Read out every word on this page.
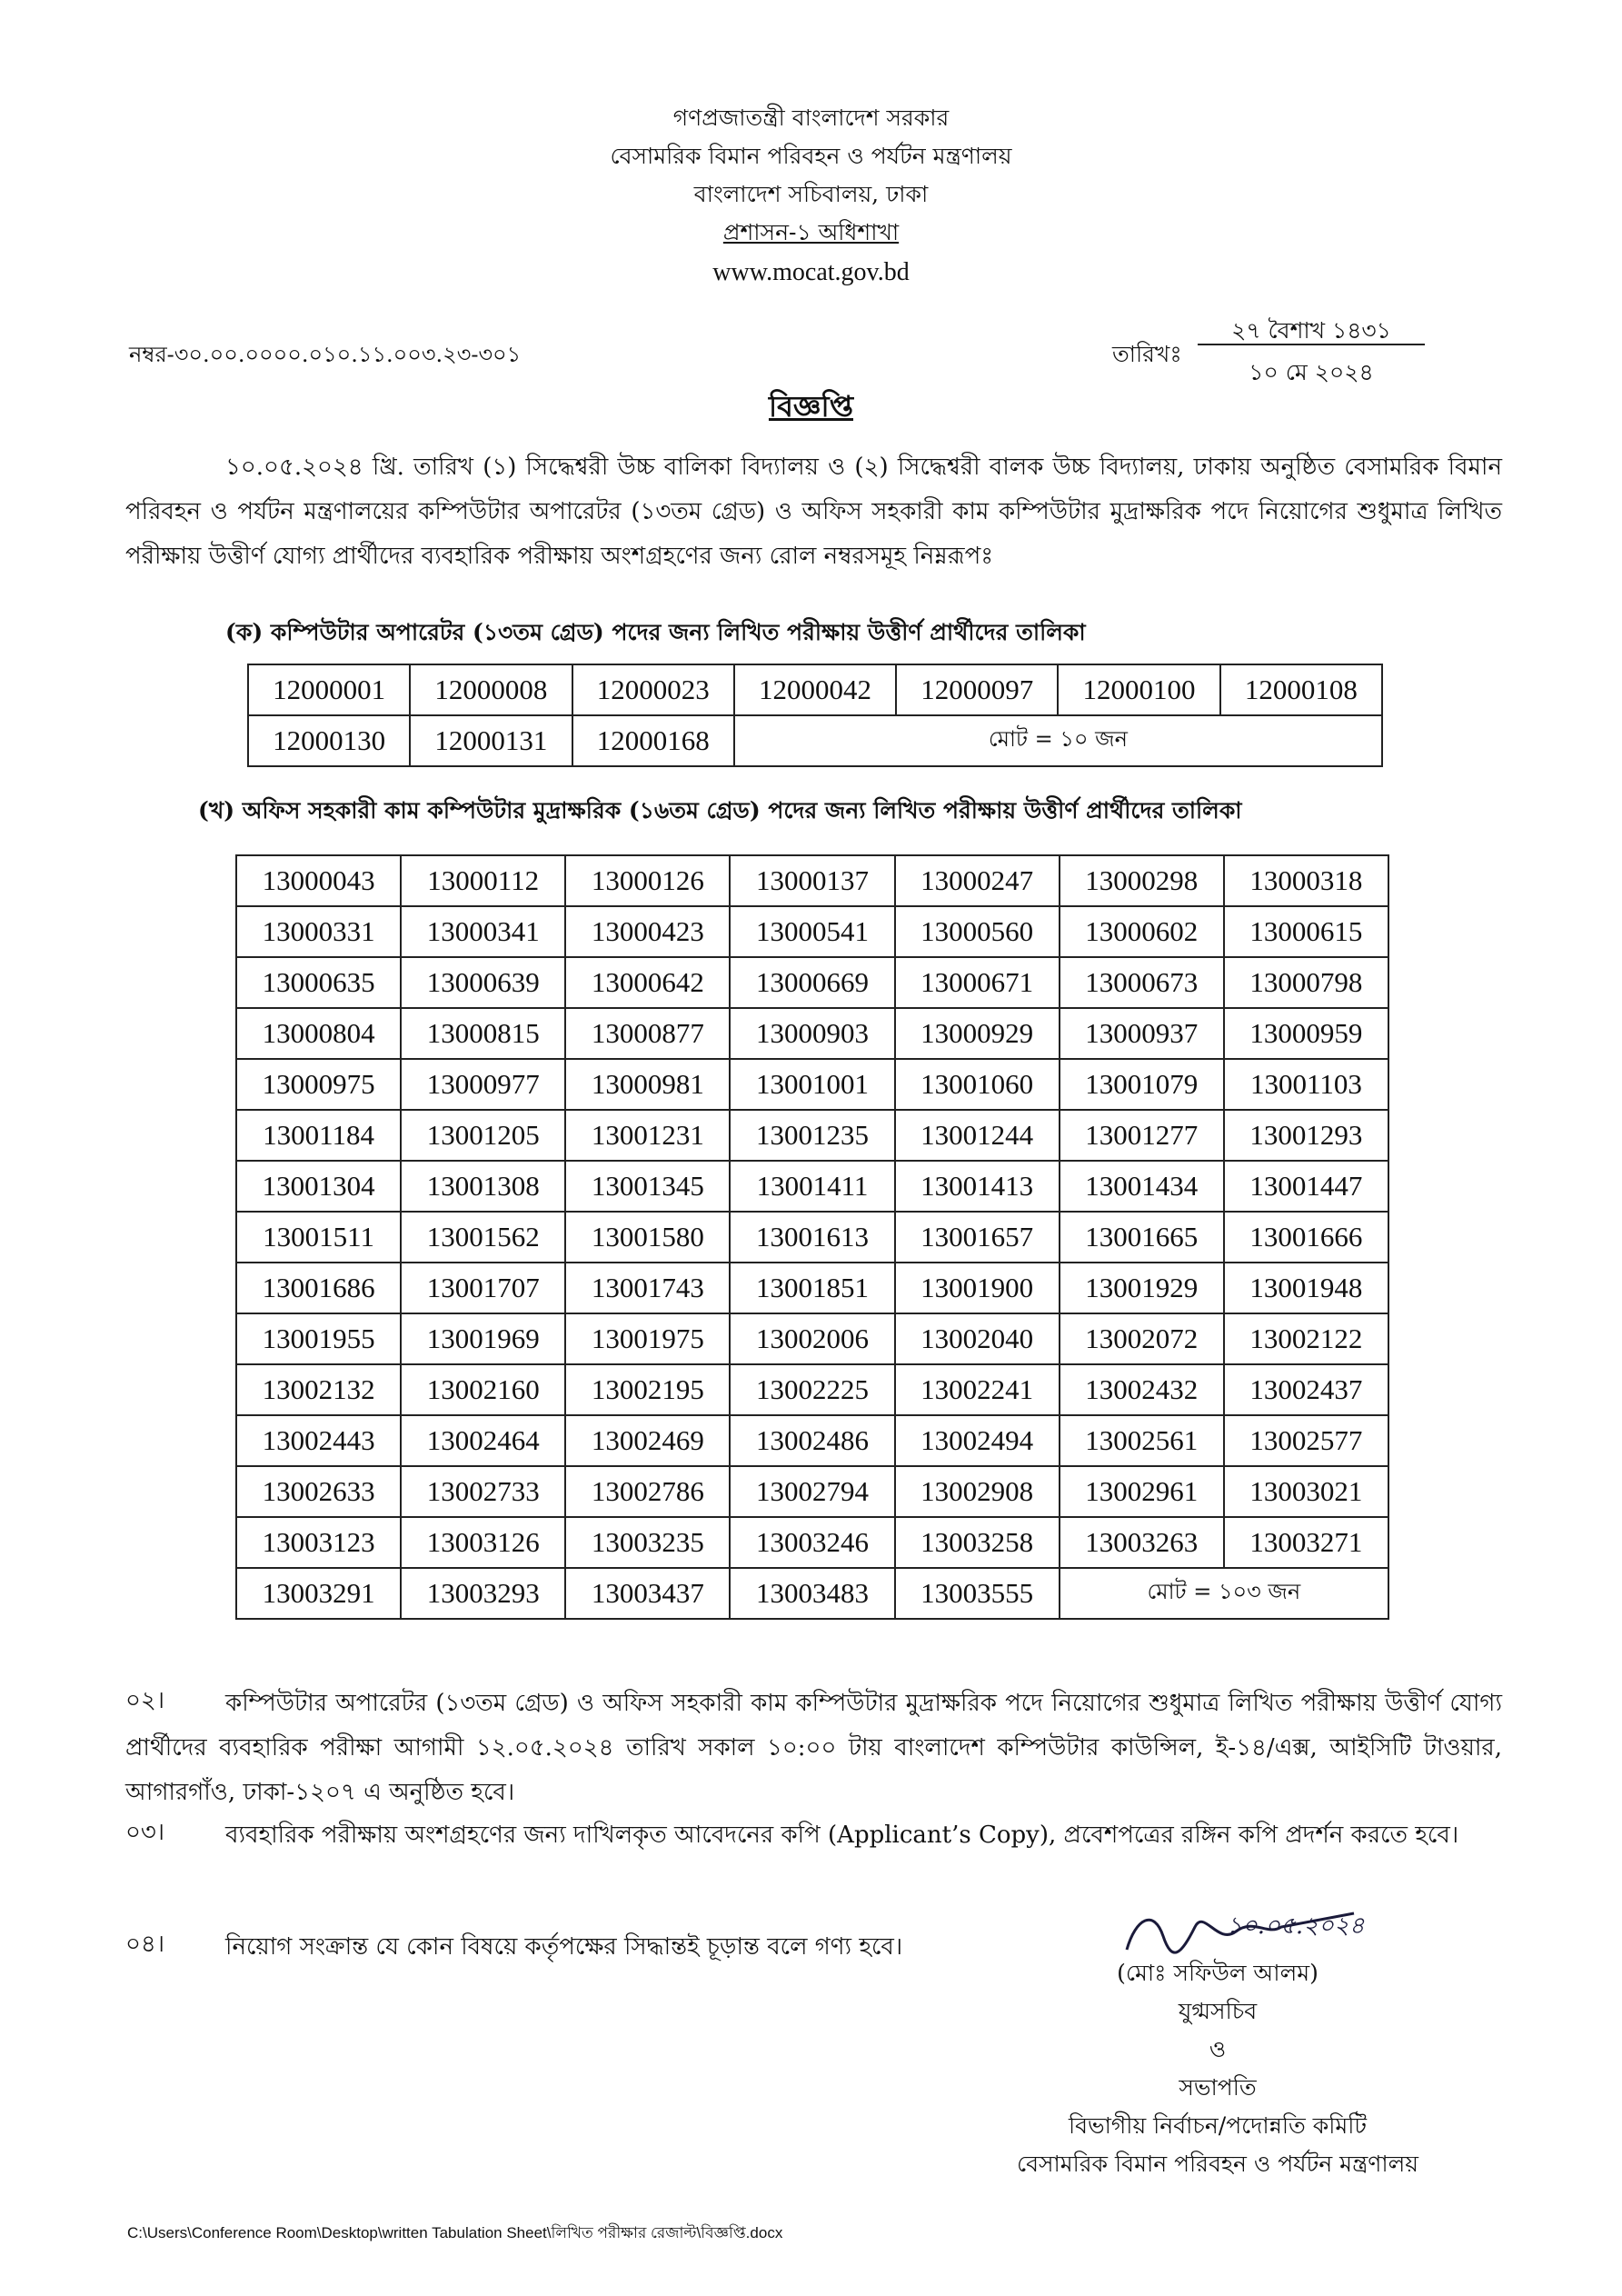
গণপ্রজাতন্ত্রী বাংলাদেশ সরকার
বেসামরিক বিমান পরিবহন ও পর্যটন মন্ত্রণালয়
বাংলাদেশ সচিবালয়, ঢাকা
প্রশাসন-১ অধিশাখা
www.mocat.gov.bd
নম্বর-৩০.০০.০০০০.০১০.১১.০০৩.২৩-৩০১	তারিখঃ
২৭ বৈশাখ ১৪৩১
১০ মে ২০২৪
বিজ্ঞপ্তি
১০.০৫.২০২৪ খ্রি. তারিখ (১) সিদ্ধেশ্বরী উচ্চ বালিকা বিদ্যালয় ও (২) সিদ্ধেশ্বরী বালক উচ্চ বিদ্যালয়, ঢাকায় অনুষ্ঠিত বেসামরিক বিমান পরিবহন ও পর্যটন মন্ত্রণালয়ের কম্পিউটার অপারেটর (১৩তম গ্রেড) ও অফিস সহকারী কাম কম্পিউটার মুদ্রাক্ষরিক পদে নিয়োগের শুধুমাত্র লিখিত পরীক্ষায় উত্তীর্ণ যোগ্য প্রার্থীদের ব্যবহারিক পরীক্ষায় অংশগ্রহণের জন্য রোল নম্বরসমূহ নিম্নরূপঃ
(ক) কম্পিউটার অপারেটর (১৩তম গ্রেড) পদের জন্য লিখিত পরীক্ষায় উত্তীর্ণ প্রার্থীদের তালিকা
12000001	12000008	12000023	12000042	12000097	12000100	12000108
12000130	12000131	12000168	মোট = ১০ জন			
(খ) অফিস সহকারী কাম কম্পিউটার মুদ্রাক্ষরিক (১৬তম গ্রেড) পদের জন্য লিখিত পরীক্ষায় উত্তীর্ণ প্রার্থীদের তালিকা
13000043	13000112	13000126	13000137	13000247	13000298	13000318
13000331	13000341	13000423	13000541	13000560	13000602	13000615
13000635	13000639	13000642	13000669	13000671	13000673	13000798
13000804	13000815	13000877	13000903	13000929	13000937	13000959
13000975	13000977	13000981	13001001	13001060	13001079	13001103
13001184	13001205	13001231	13001235	13001244	13001277	13001293
13001304	13001308	13001345	13001411	13001413	13001434	13001447
13001511	13001562	13001580	13001613	13001657	13001665	13001666
13001686	13001707	13001743	13001851	13001900	13001929	13001948
13001955	13001969	13001975	13002006	13002040	13002072	13002122
13002132	13002160	13002195	13002225	13002241	13002432	13002437
13002443	13002464	13002469	13002486	13002494	13002561	13002577
13002633	13002733	13002786	13002794	13002908	13002961	13003021
13003123	13003126	13003235	13003246	13003258	13003263	13003271
13003291	13003293	13003437	13003483	13003555	মোট = ১০৩ জন	
০২।	কম্পিউটার অপারেটর (১৩তম গ্রেড) ও অফিস সহকারী কাম কম্পিউটার মুদ্রাক্ষরিক পদে নিয়োগের শুধুমাত্র লিখিত পরীক্ষায় উত্তীর্ণ যোগ্য প্রার্থীদের ব্যবহারিক পরীক্ষা আগামী ১২.০৫.২০২৪ তারিখ সকাল ১০:০০ টায় বাংলাদেশ কম্পিউটার কাউন্সিল, ই-১৪/এক্স, আইসিটি টাওয়ার, আগারগাঁও, ঢাকা-১২০৭ এ অনুষ্ঠিত হবে।
০৩।	ব্যবহারিক পরীক্ষায় অংশগ্রহণের জন্য দাখিলকৃত আবেদনের কপি (Applicant’s Copy), প্রবেশপত্রের রঙ্গিন কপি প্রদর্শন করতে হবে।
০৪।	নিয়োগ সংক্রান্ত যে কোন বিষয়ে কর্তৃপক্ষের সিদ্ধান্তই চূড়ান্ত বলে গণ্য হবে।
১০.০৫.২০২৪
(মোঃ সফিউল আলম)
যুগ্মসচিব
ও
সভাপতি
বিভাগীয় নির্বাচন/পদোন্নতি কমিটি
বেসামরিক বিমান পরিবহন ও পর্যটন মন্ত্রণালয়
C:\Users\Conference Room\Desktop\written Tabulation Sheet\লিখিত পরীক্ষার রেজাল্ট\বিজ্ঞপ্তি.docx
